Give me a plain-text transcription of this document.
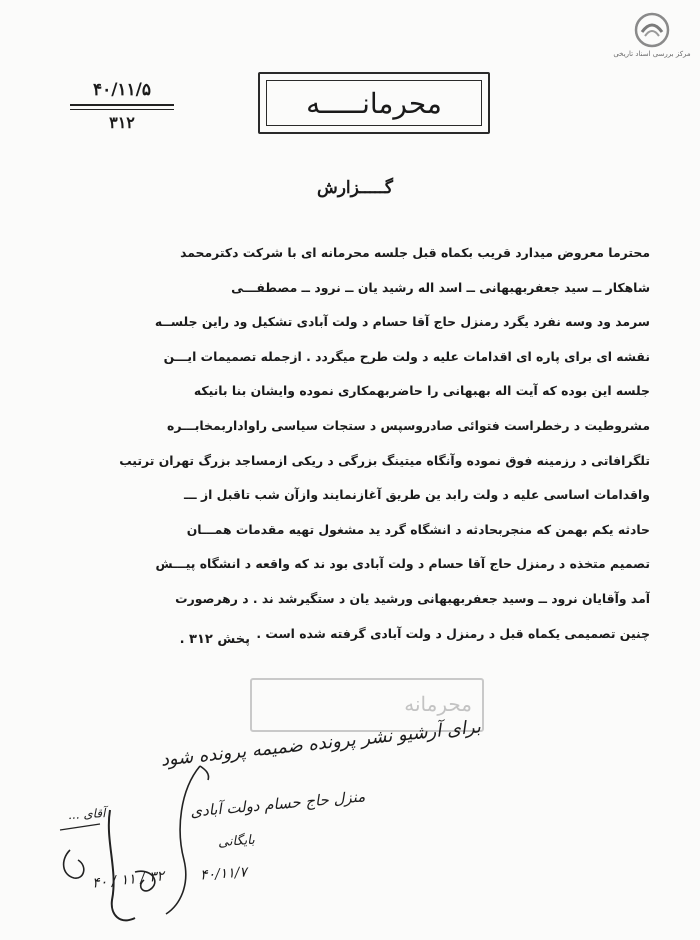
مرکز بررسی اسناد تاریخی
محرمانـــــه
۴۰/۱۱/۵
۳۱۲
گـــــزارش
محترما معروض میدارد قریب بکماه قبل جلسه محرمانه ای با شرکت دکترمحمد
شاهکار ــ سید جعفربهبهانی ــ اسد اله رشید یان ــ نرود ــ مصطفـــی
سرمد ود وسه نفرد یگرد رمنزل حاج آقا حسام د ولت آبادی تشکیل ود راین جلســه
نقشه ای برای پاره ای اقدامات علیه د ولت طرح میگردد . ازجمله تصمیمات ایـــن
جلسه این بوده که آیت اله بهبهانی را حاضربهمکاری نموده وایشان بنا بانیکه
مشروطیت د رخطراست فتوائی صادروسپس د ستجات سیاسی راواداربمخابـــره
تلگرافاتی د رزمینه فوق نموده وآنگاه میتینگ بزرگی د ریکی ازمساجد بزرگ تهران ترتیب
واقدامات اساسی علیه د ولت رابد ین طریق آغازنمایند وازآن شب تاقبل از ـــ
حادثه یکم بهمن که منجربحادثه د انشگاه گرد ید مشغول تهیه مقدمات همـــان
تصمیم متخذه د رمنزل حاج آقا حسام د ولت آبادی بود ند که واقعه د انشگاه پیـــش
آمد وآقایان نرود ــ وسید جعفربهبهانی ورشید یان د ستگیرشد ند . د رهرصورت
چنین تصمیمی یکماه قبل د رمنزل د ولت آبادی گرفته شده است .
پخش ۳۱۲ .
محرمانه
برای آرشیو نشر پرونده ضمیمه پرونده شود
منزل حاج حسام دولت آبادی
بایگانی
۴۰/۱۱/۷
آقای ...
۳۲ / ۱۱ / ۴۰
